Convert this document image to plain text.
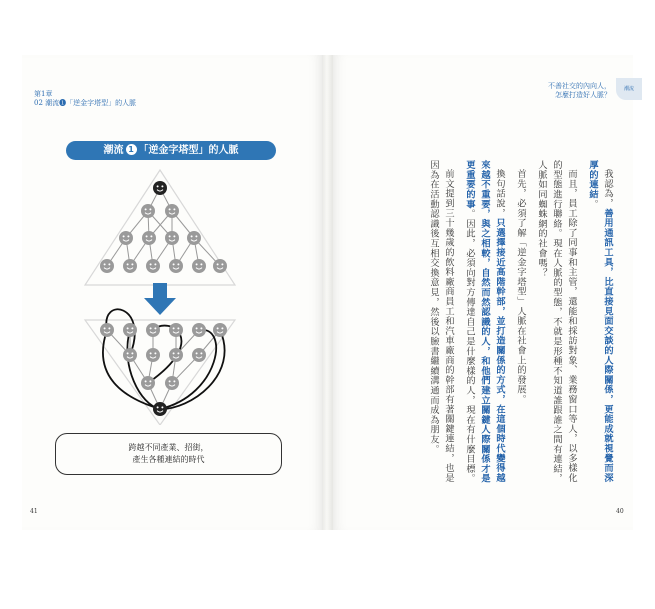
第1章
02 潮流❶「逆金字塔型」的人脈
不善社交的內向人，
怎麼打造好人脈？
潮流
41	40
潮流 1 「逆金字塔型」的人脈
跨越不同產業、招街，
產生各種連結的時代

我認為，善用通訊工具，比直接見面交談的人際關係，更能成就視覺而深厚的連結。

而且，員工除了同事和主管，還能和採訪對象、業務窗口等人，以多樣化的型態進行聯絡。現在人脈的型態，不就是形種不知道誰跟誰之間有連結，人脈如同蜘蛛網的社會嗎？

首先，必須了解「逆金字塔型」人脈在社會上的發展。

換句話說，只選擇接近高階幹部，並打造關係的方式，在這個時代變得越來越不重要，與之相較，自然而然認識的人，和他們建立關鍵人際關係才是更重要的事。因此，必須向對方傳達自己是什麼樣的人，現在有什麼目標。

前文提到三十幾歲的飲料廠商員工和汽車廠商的幹部有著關鍵連結，也是因為在活動認識後互相交換意見，然後以臉書繼續溝通而成為朋友。
